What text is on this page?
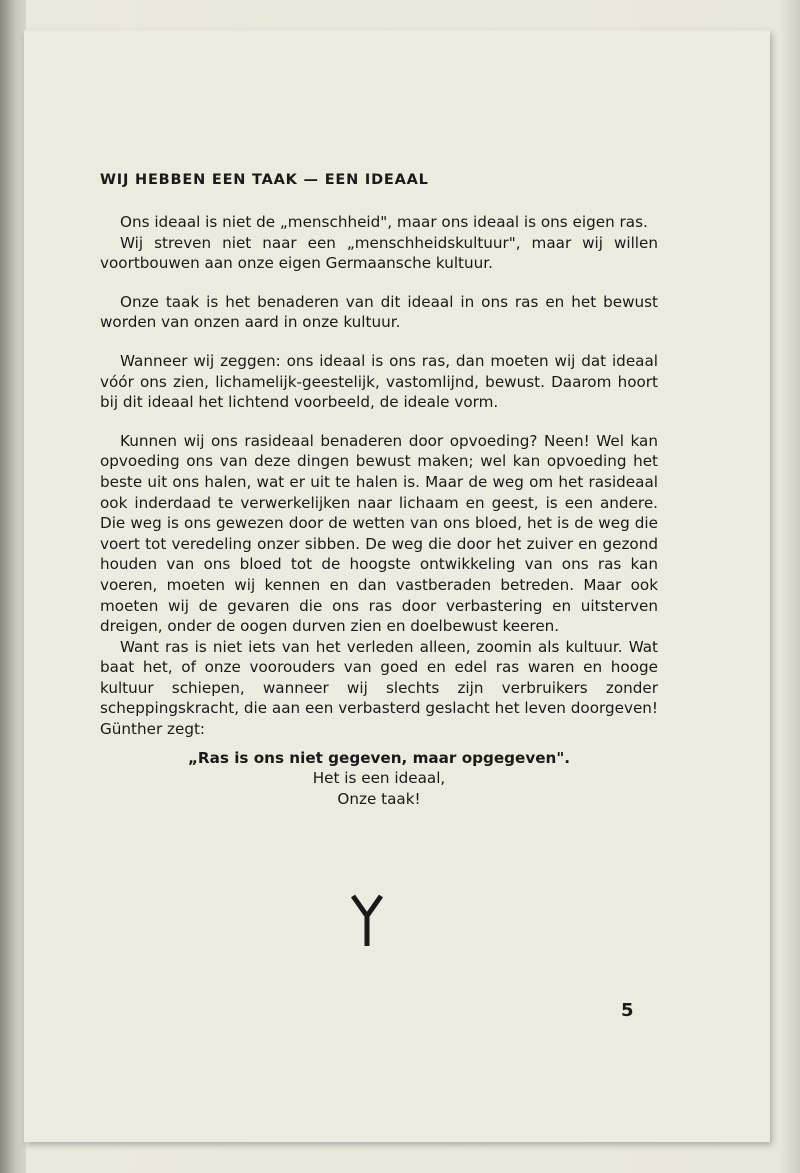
WIJ HEBBEN EEN TAAK — EEN IDEAAL
Ons ideaal is niet de „menschheid", maar ons ideaal is ons eigen ras.
Wij streven niet naar een „menschheidskultuur", maar wij willen voortbouwen aan onze eigen Germaansche kultuur.
Onze taak is het benaderen van dit ideaal in ons ras en het bewust worden van onzen aard in onze kultuur.
Wanneer wij zeggen: ons ideaal is ons ras, dan moeten wij dat ideaal vóór ons zien, lichamelijk-geestelijk, vastomlijnd, bewust. Daarom hoort bij dit ideaal het lichtend voorbeeld, de ideale vorm.
Kunnen wij ons rasideaal benaderen door opvoeding? Neen! Wel kan opvoeding ons van deze dingen bewust maken; wel kan opvoeding het beste uit ons halen, wat er uit te halen is. Maar de weg om het rasideaal ook inderdaad te verwerkelijken naar lichaam en geest, is een andere. Die weg is ons gewezen door de wetten van ons bloed, het is de weg die voert tot veredeling onzer sibben. De weg die door het zuiver en gezond houden van ons bloed tot de hoogste ontwikkeling van ons ras kan voeren, moeten wij kennen en dan vastberaden betreden. Maar ook moeten wij de gevaren die ons ras door verbastering en uitsterven dreigen, onder de oogen durven zien en doelbewust keeren.
Want ras is niet iets van het verleden alleen, zoomin als kultuur. Wat baat het, of onze voorouders van goed en edel ras waren en hooge kultuur schiepen, wanneer wij slechts zijn verbruikers zonder scheppingskracht, die aan een verbasterd geslacht het leven doorgeven! Günther zegt:
„Ras is ons niet gegeven, maar opgegeven".
Het is een ideaal,
Onze taak!
5
